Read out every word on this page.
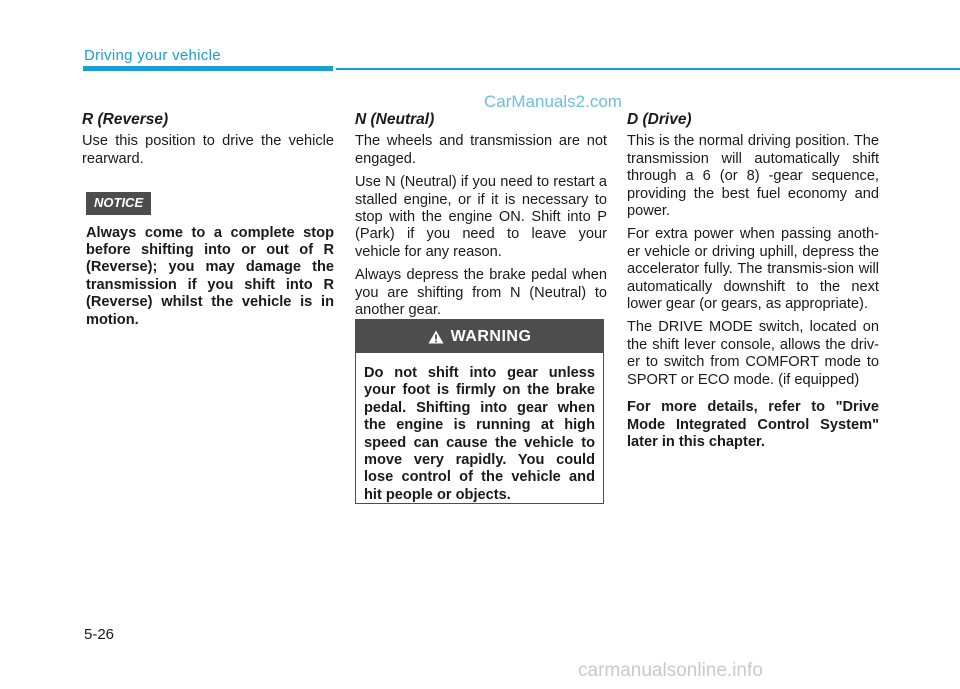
Driving your vehicle
CarManuals2.com

R (Reverse)

Use this position to drive the vehicle rearward.

NOTICE

Always come to a complete stop before shifting into or out of R (Reverse); you may damage the transmission if you shift into R (Reverse) whilst the vehicle is in motion.

N (Neutral)

The wheels and transmission are not engaged.

Use N (Neutral) if you need to restart a stalled engine, or if it is necessary to stop with the engine ON. Shift into P (Park) if you need to leave your vehicle for any reason.

Always depress the brake pedal when you are shifting from N (Neutral) to another gear.

WARNING

Do not shift into gear unless your foot is firmly on the brake pedal. Shifting into gear when the engine is running at high speed can cause the vehicle to move very rapidly. You could lose control of the vehicle and hit people or objects.

D (Drive)

This is the normal driving position. The transmission will automatically shift through a 6 (or 8) -gear sequence, providing the best fuel economy and power.

For extra power when passing anoth-er vehicle or driving uphill, depress the accelerator fully. The transmis-sion will automatically downshift to the next lower gear (or gears, as appropriate).

The DRIVE MODE switch, located on the shift lever console, allows the driv-er to switch from COMFORT mode to SPORT or ECO mode. (if equipped)

For more details, refer to "Drive Mode Integrated Control System" later in this chapter.

5-26
carmanualsonline.info
